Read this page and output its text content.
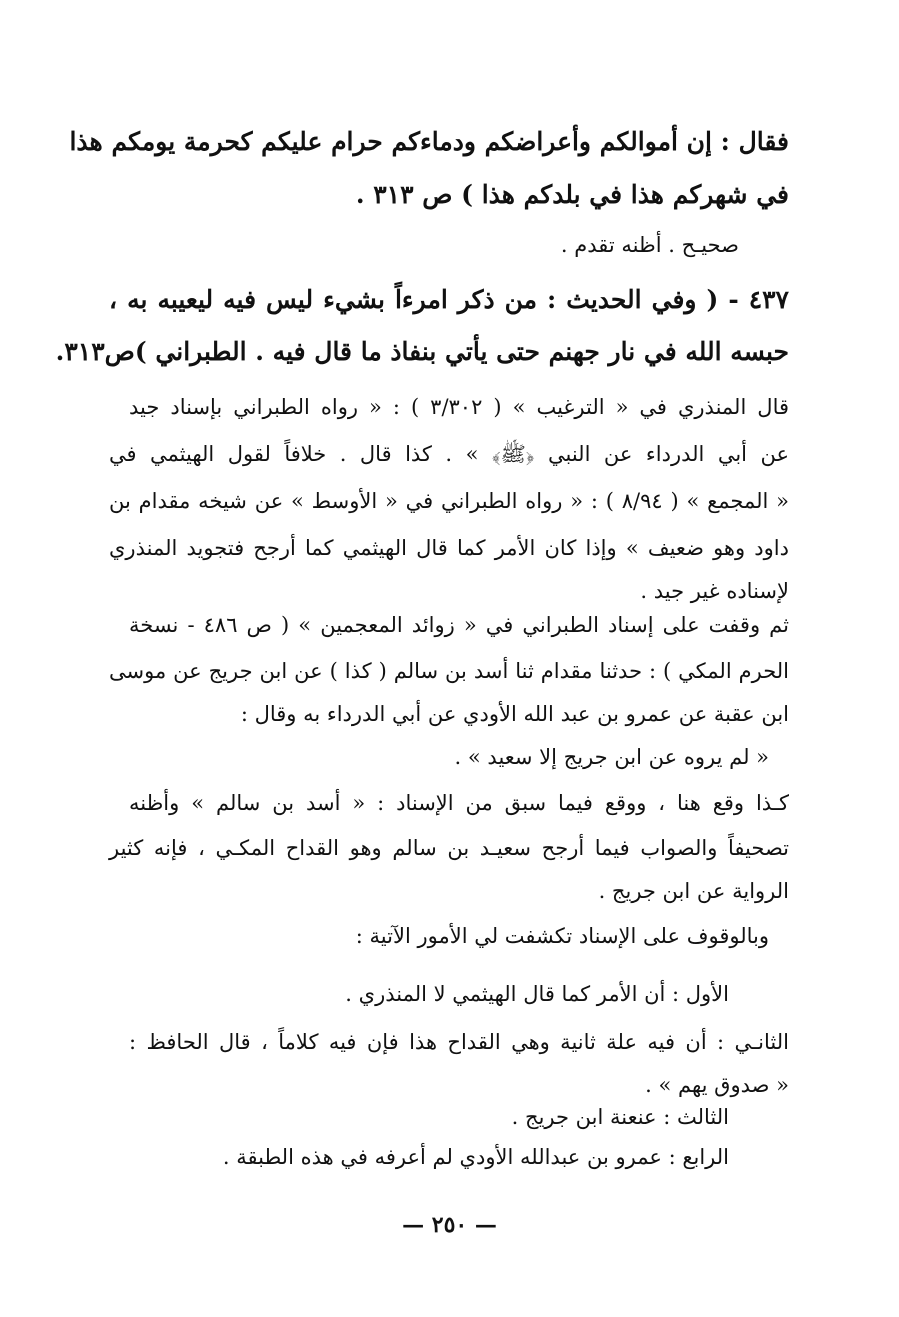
فقال : إن أموالكم وأعراضكم ودماءكم حرام عليكم كحرمة يومكم هذا
في شهركم هذا في بلدكم هذا ) ص ٣١٣ .
صحيـح . أظنه تقدم .
٤٣٧ - ( وفي الحديث : من ذكر امرءاً بشيء ليس فيه ليعيبه به ،
حبسه الله في نار جهنم حتى يأتي بنفاذ ما قال فيه . الطبراني )ص٣١٣.
قال المنذري في « الترغيب » ( ٣/٣٠٢ ) : « رواه الطبراني بإسناد جيد
عن أبي الدرداء عن النبي ﴿ﷺ﴾ » . كذا قال . خلافاً لقول الهيثمي في
« المجمع » ( ٨/٩٤ ) : « رواه الطبراني في « الأوسط » عن شيخه مقدام بن
داود وهو ضعيف » وإذا كان الأمر كما قال الهيثمي كما أرجح فتجويد المنذري
لإسناده غير جيد .
ثم وقفت على إسناد الطبراني في « زوائد المعجمين » ( ص ٤٨٦ - نسخة
الحرم المكي ) : حدثنا مقدام ثنا أسد بن سالم ( كذا ) عن ابن جريج عن موسى
ابن عقبة عن عمرو بن عبد الله الأودي عن أبي الدرداء به وقال :
« لم يروه عن ابن جريج إلا سعيد » .
كـذا وقع هنا ، ووقع فيما سبق من الإسناد : « أسد بن سالم » وأظنه
تصحيفاً والصواب فيما أرجح سعيـد بن سالم وهو القداح المكـي ، فإنه كثير
الرواية عن ابن جريج .
وبالوقوف على الإسناد تكشفت لي الأمور الآتية :
الأول : أن الأمر كما قال الهيثمي لا المنذري .
الثانـي : أن فيه علة ثانية وهي القداح هذا فإن فيه كلاماً ، قال الحافظ :
« صدوق يهم » .
الثالث : عنعنة ابن جريج .
الرابع : عمرو بن عبدالله الأودي لم أعرفه في هذه الطبقة .
— ٢٥٠ —
